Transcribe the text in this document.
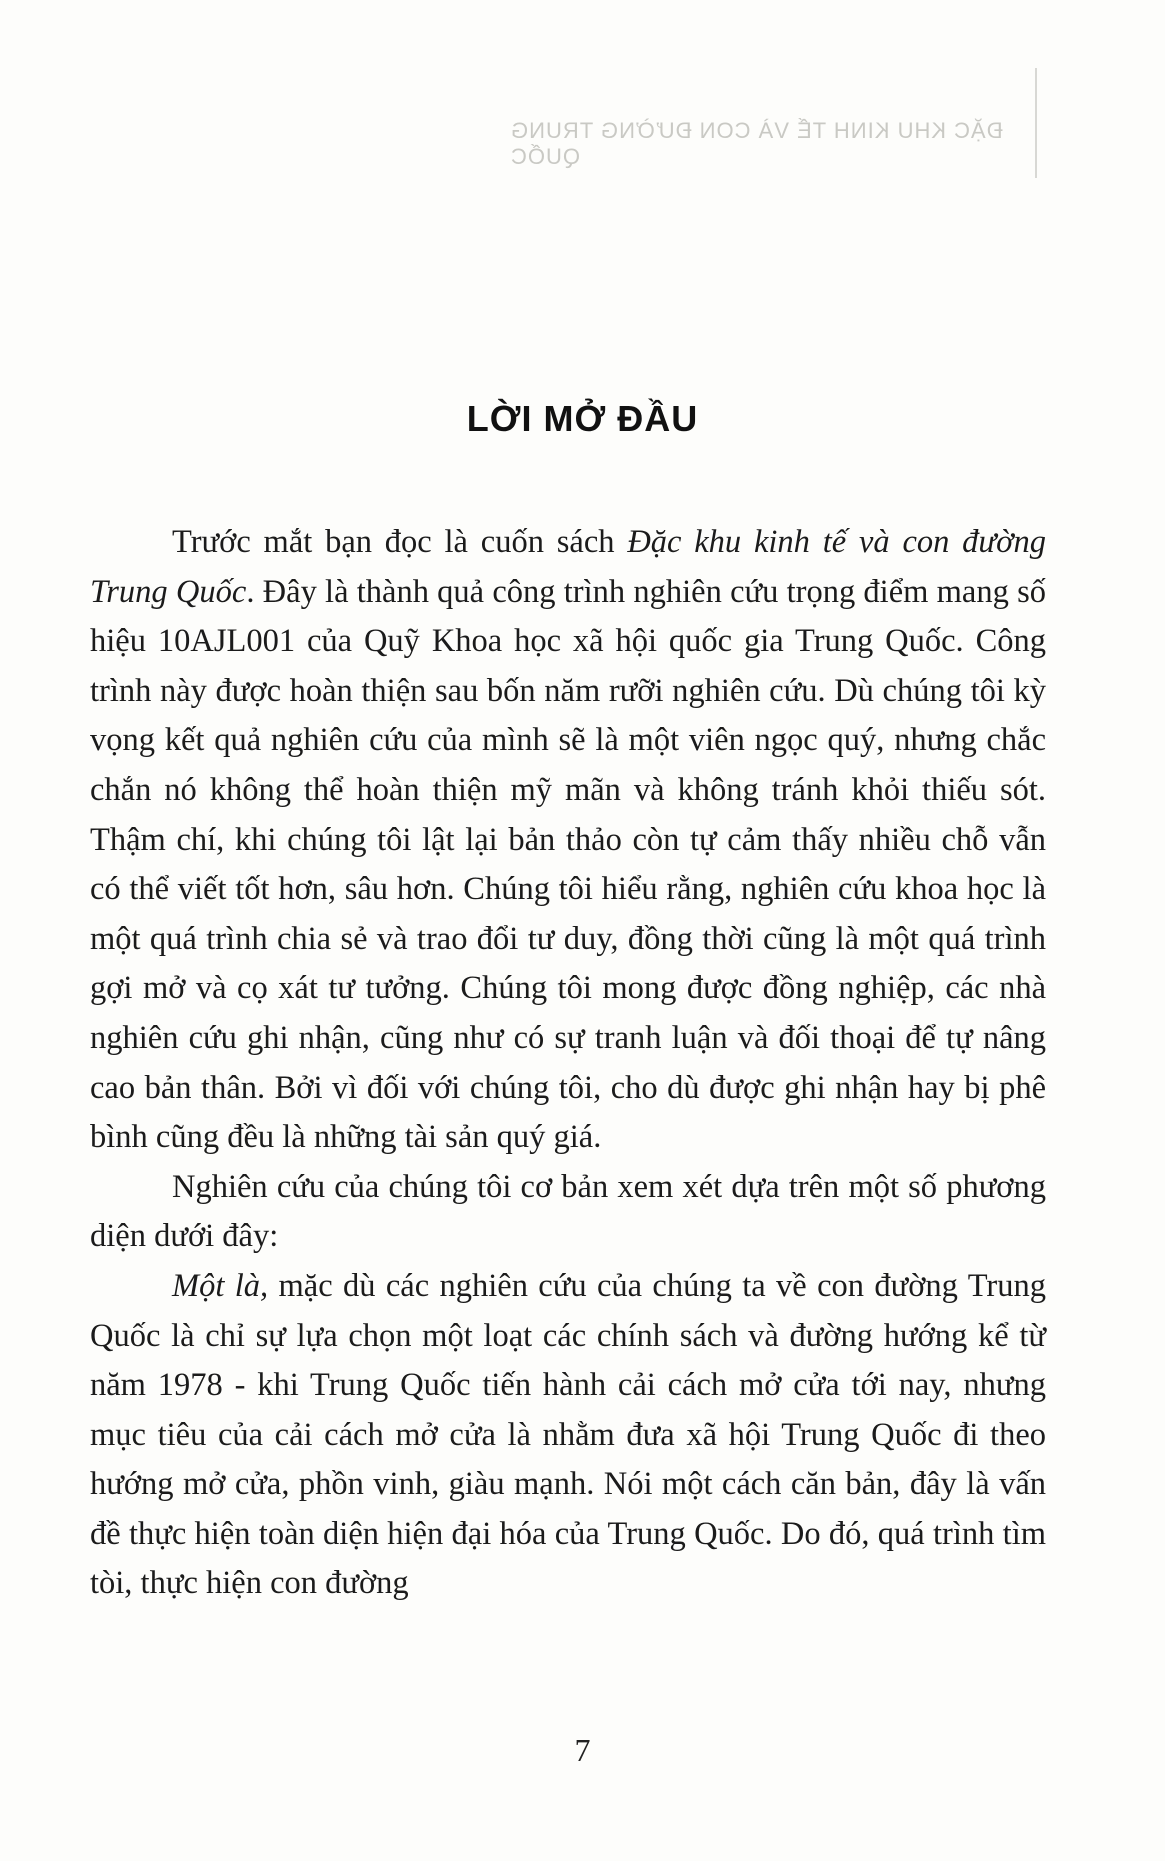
ĐẶC KHU KINH TẾ VÀ CON ĐƯỜNG TRUNG QUỐC
LỜI MỞ ĐẦU

Trước mắt bạn đọc là cuốn sách Đặc khu kinh tế và con đường Trung Quốc. Đây là thành quả công trình nghiên cứu trọng điểm mang số hiệu 10AJL001 của Quỹ Khoa học xã hội quốc gia Trung Quốc. Công trình này được hoàn thiện sau bốn năm rưỡi nghiên cứu. Dù chúng tôi kỳ vọng kết quả nghiên cứu của mình sẽ là một viên ngọc quý, nhưng chắc chắn nó không thể hoàn thiện mỹ mãn và không tránh khỏi thiếu sót. Thậm chí, khi chúng tôi lật lại bản thảo còn tự cảm thấy nhiều chỗ vẫn có thể viết tốt hơn, sâu hơn. Chúng tôi hiểu rằng, nghiên cứu khoa học là một quá trình chia sẻ và trao đổi tư duy, đồng thời cũng là một quá trình gợi mở và cọ xát tư tưởng. Chúng tôi mong được đồng nghiệp, các nhà nghiên cứu ghi nhận, cũng như có sự tranh luận và đối thoại để tự nâng cao bản thân. Bởi vì đối với chúng tôi, cho dù được ghi nhận hay bị phê bình cũng đều là những tài sản quý giá.

Nghiên cứu của chúng tôi cơ bản xem xét dựa trên một số phương diện dưới đây:

Một là, mặc dù các nghiên cứu của chúng ta về con đường Trung Quốc là chỉ sự lựa chọn một loạt các chính sách và đường hướng kể từ năm 1978 - khi Trung Quốc tiến hành cải cách mở cửa tới nay, nhưng mục tiêu của cải cách mở cửa là nhằm đưa xã hội Trung Quốc đi theo hướng mở cửa, phồn vinh, giàu mạnh. Nói một cách căn bản, đây là vấn đề thực hiện toàn diện hiện đại hóa của Trung Quốc. Do đó, quá trình tìm tòi, thực hiện con đường

7
